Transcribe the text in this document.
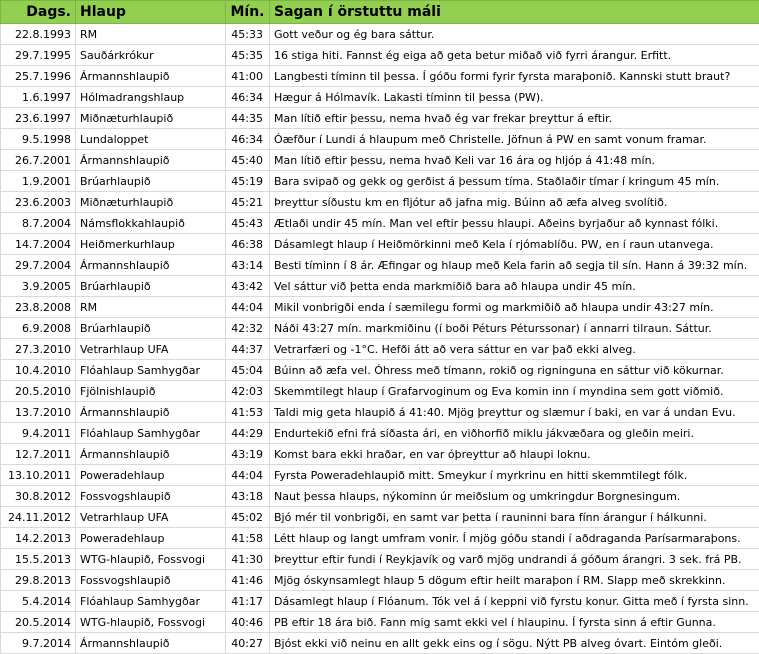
Dags.	Hlaup	Mín.	Sagan í örstuttu máli
22.8.1993	RM	45:33	Gott veður og ég bara sáttur.
29.7.1995	Sauðárkrókur	45:35	16 stiga hiti. Fannst ég eiga að geta betur miðað við fyrri árangur. Erfitt.
25.7.1996	Ármannshlaupið	41:00	Langbesti tíminn til þessa. Í góðu formi fyrir fyrsta maraþonið. Kannski stutt braut?
1.6.1997	Hólmadrangshlaup	46:34	Hægur á Hólmavík. Lakasti tíminn til þessa (PW).
23.6.1997	Miðnæturhlaupið	44:35	Man lítið eftir þessu, nema hvað ég var frekar þreyttur á eftir.
9.5.1998	Lundaloppet	46:34	Óæfður í Lundi á hlaupum með Christelle. Jöfnun á PW en samt vonum framar.
26.7.2001	Ármannshlaupið	45:40	Man lítið eftir þessu, nema hvað Keli var 16 ára og hljóp á 41:48 mín.
1.9.2001	Brúarhlaupið	45:19	Bara svipað og gekk og gerðist á þessum tíma. Staðlaðir tímar í kringum 45 mín.
23.6.2003	Miðnæturhlaupið	45:21	Þreyttur síðustu km en fljótur að jafna mig. Búinn að æfa alveg svolítið.
8.7.2004	Námsflokkahlaupið	45:43	Ætlaði undir 45 mín. Man vel eftir þessu hlaupi. Aðeins byrjaður að kynnast fólki.
14.7.2004	Heiðmerkurhlaup	46:38	Dásamlegt hlaup í Heiðmörkinni með Kela í rjómablíðu. PW, en í raun utanvega.
29.7.2004	Ármannshlaupið	43:14	Besti tíminn í 8 ár. Æfingar og hlaup með Kela farin að segja til sín. Hann á 39:32 mín.
3.9.2005	Brúarhlaupið	43:42	Vel sáttur við þetta enda markmiðið bara að hlaupa undir 45 mín.
23.8.2008	RM	44:04	Mikil vonbrigði enda í sæmilegu formi og markmiðið að hlaupa undir 43:27 mín.
6.9.2008	Brúarhlaupið	42:32	Náði 43:27 mín. markmiðinu (í boði Péturs Péturssonar) í annarri tilraun. Sáttur.
27.3.2010	Vetrarhlaup UFA	44:37	Vetrarfæri og -1°C. Hefði átt að vera sáttur en var það ekki alveg.
10.4.2010	Flóahlaup Samhygðar	45:04	Búinn að æfa vel. Óhress með tímann, rokið og rigninguna en sáttur við kökurnar.
20.5.2010	Fjölnishlaupið	42:03	Skemmtilegt hlaup í Grafarvoginum og Eva komin inn í myndina sem gott viðmið.
13.7.2010	Ármannshlaupið	41:53	Taldi mig geta hlaupið á 41:40. Mjög þreyttur og slæmur í baki, en var á undan Evu.
9.4.2011	Flóahlaup Samhygðar	44:29	Endurtekið efni frá síðasta ári, en viðhorfið miklu jákvæðara og gleðin meiri.
12.7.2011	Ármannshlaupið	43:19	Komst bara ekki hraðar, en var óþreyttur að hlaupi loknu.
13.10.2011	Poweradehlaup	44:04	Fyrsta Poweradehlaupið mitt. Smeykur í myrkrinu en hitti skemmtilegt fólk.
30.8.2012	Fossvogshlaupið	43:18	Naut þessa hlaups, nýkominn úr meiðslum og umkringdur Borgnesingum.
24.11.2012	Vetrarhlaup UFA	45:02	Bjó mér til vonbrigði, en samt var þetta í rauninni bara fínn árangur í hálkunni.
14.2.2013	Poweradehlaup	41:58	Létt hlaup og langt umfram vonir. Í mjög góðu standi í aðdraganda Parísarmaraþons.
15.5.2013	WTG-hlaupið, Fossvogi	41:30	Þreyttur eftir fundi í Reykjavík og varð mjög undrandi á góðum árangri. 3 sek. frá PB.
29.8.2013	Fossvogshlaupið	41:46	Mjög óskynsamlegt hlaup 5 dögum eftir heilt maraþon í RM. Slapp með skrekkinn.
5.4.2014	Flóahlaup Samhygðar	41:17	Dásamlegt hlaup í Flóanum. Tók vel á í keppni við fyrstu konur. Gitta með í fyrsta sinn.
20.5.2014	WTG-hlaupið, Fossvogi	40:46	PB eftir 18 ára bið. Fann mig samt ekki vel í hlaupinu. Í fyrsta sinn á eftir Gunna.
9.7.2014	Ármannshlaupið	40:27	Bjóst ekki við neinu en allt gekk eins og í sögu. Nýtt PB alveg óvart. Eintóm gleði.
